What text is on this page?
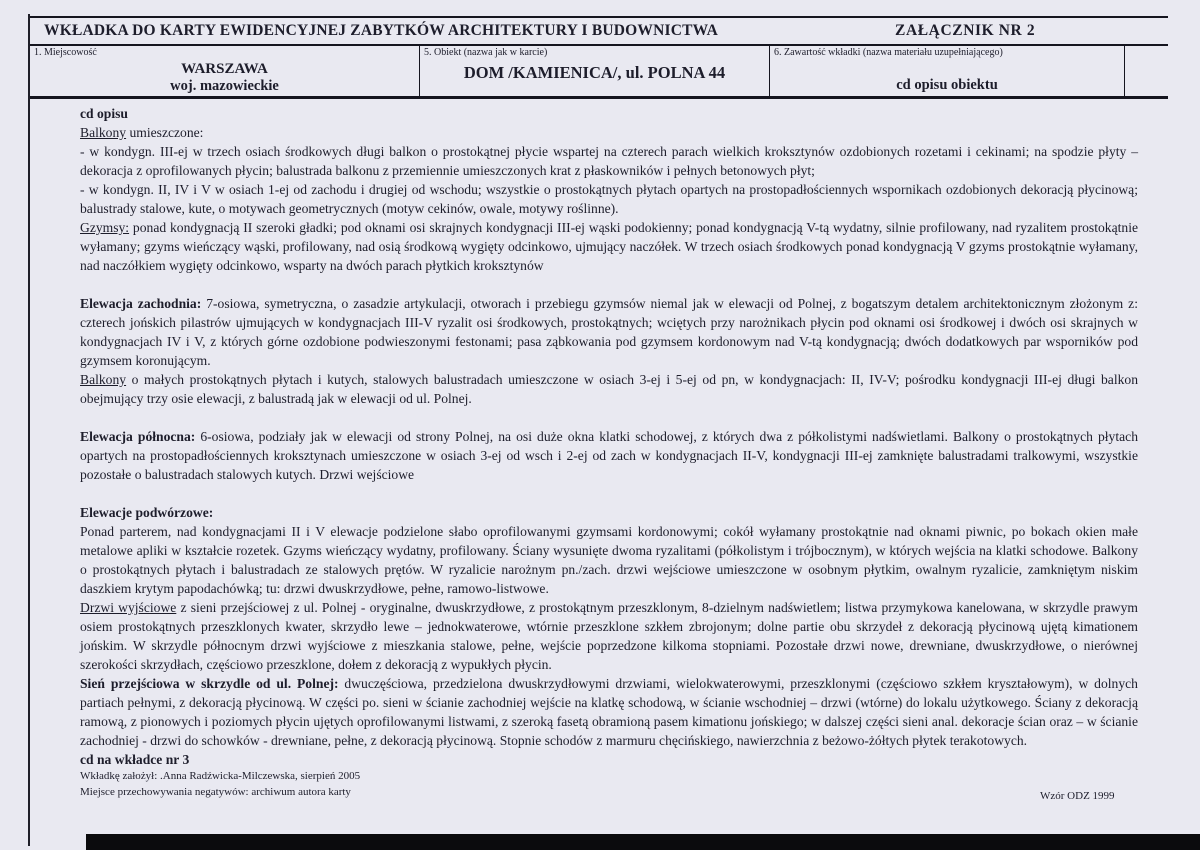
WKŁADKA DO KARTY EWIDENCYJNEJ ZABYTKÓW ARCHITEKTURY I BUDOWNICTWA	ZAŁĄCZNIK NR 2
1. Miejscowość
WARSZAWA
woj. mazowieckie
5. Obiekt (nazwa jak w karcie)
DOM /KAMIENICA/, ul. POLNA 44
6. Zawartość wkładki (nazwa materiału uzupełniającego)
cd opisu obiektu

cd opisu

Balkony umieszczone:

- w kondygn. III-ej w trzech osiach środkowych długi balkon o prostokątnej płycie wspartej na czterech parach wielkich kroksztynów ozdobionych rozetami i cekinami; na spodzie płyty – dekoracja z oprofilowanych płycin; balustrada balkonu z przemiennie umieszczonych krat z płaskowników i pełnych betonowych płyt;

- w kondygn. II, IV i V w osiach 1-ej od zachodu i drugiej od wschodu; wszystkie o prostokątnych płytach opartych na prostopadłościennych wspornikach ozdobionych dekoracją płycinową; balustrady stalowe, kute, o motywach geometrycznych (motyw cekinów, owale, motywy roślinne).

Gzymsy: ponad kondygnacją II szeroki gładki; pod oknami osi skrajnych kondygnacji III-ej wąski podokienny; ponad kondygnacją V-tą wydatny, silnie profilowany, nad ryzalitem prostokątnie wyłamany; gzyms wieńczący wąski, profilowany, nad osią środkową wygięty odcinkowo, ujmujący naczółek. W trzech osiach środkowych ponad kondygnacją V gzyms prostokątnie wyłamany, nad naczółkiem wygięty odcinkowo, wsparty na dwóch parach płytkich kroksztynów

Elewacja zachodnia: 7-osiowa, symetryczna, o zasadzie artykulacji, otworach i przebiegu gzymsów niemal jak w elewacji od Polnej, z bogatszym detalem architektonicznym złożonym z: czterech jońskich pilastrów ujmujących w kondygnacjach III-V ryzalit osi środkowych, prostokątnych; wciętych przy narożnikach płycin pod oknami osi środkowej i dwóch osi skrajnych w kondygnacjach IV i V, z których górne ozdobione podwieszonymi festonami; pasa ząbkowania pod gzymsem kordonowym nad V-tą kondygnacją; dwóch dodatkowych par wsporników pod gzymsem koronującym.

Balkony o małych prostokątnych płytach i kutych, stalowych balustradach umieszczone w osiach 3-ej i 5-ej od pn, w kondygnacjach: II, IV-V; pośrodku kondygnacji III-ej długi balkon obejmujący trzy osie elewacji, z balustradą jak w elewacji od ul. Polnej.

Elewacja północna: 6-osiowa, podziały jak w elewacji od strony Polnej, na osi duże okna klatki schodowej, z których dwa z półkolistymi nadświetlami. Balkony o prostokątnych płytach opartych na prostopadłościennych kroksztynach umieszczone w osiach 3-ej od wsch i 2-ej od zach w kondygnacjach II-V, kondygnacji III-ej zamknięte balustradami tralkowymi, wszystkie pozostałe o balustradach stalowych kutych. Drzwi wejściowe

Elewacje podwórzowe:

Ponad parterem, nad kondygnacjami II i V elewacje podzielone słabo oprofilowanymi gzymsami kordonowymi; cokół wyłamany prostokątnie nad oknami piwnic, po bokach okien małe metalowe apliki w kształcie rozetek. Gzyms wieńczący wydatny, profilowany. Ściany wysunięte dwoma ryzalitami (półkolistym i trójbocznym), w których wejścia na klatki schodowe. Balkony o prostokątnych płytach i balustradach ze stalowych prętów. W ryzalicie narożnym pn./zach. drzwi wejściowe umieszczone w osobnym płytkim, owalnym ryzalicie, zamkniętym niskim daszkiem krytym papodachówką; tu: drzwi dwuskrzydłowe, pełne, ramowo-listwowe.

Drzwi wyjściowe z sieni przejściowej z ul. Polnej - oryginalne, dwuskrzydłowe, z prostokątnym przeszklonym, 8-dzielnym nadświetlem; listwa przymykowa kanelowana, w skrzydle prawym osiem prostokątnych przeszklonych kwater, skrzydło lewe – jednokwaterowe, wtórnie przeszklone szkłem zbrojonym; dolne partie obu skrzydeł z dekoracją płycinową ujętą kimationem jońskim. W skrzydle północnym drzwi wyjściowe z mieszkania stalowe, pełne, wejście poprzedzone kilkoma stopniami. Pozostałe drzwi nowe, drewniane, dwuskrzydłowe, o nierównej szerokości skrzydłach, częściowo przeszklone, dołem z dekoracją z wypukłych płycin.

Sień przejściowa w skrzydle od ul. Polnej: dwuczęściowa, przedzielona dwuskrzydłowymi drzwiami, wielokwaterowymi, przeszklonymi (częściowo szkłem kryształowym), w dolnych partiach pełnymi, z dekoracją płycinową. W części po. sieni w ścianie zachodniej wejście na klatkę schodową, w ścianie wschodniej – drzwi (wtórne) do lokalu użytkowego. Ściany z dekoracją ramową, z pionowych i poziomych płycin ujętych oprofilowanymi listwami, z szeroką fasetą obramioną pasem kimationu jońskiego; w dalszej części sieni anal. dekoracje ścian oraz – w ścianie zachodniej - drzwi do schowków - drewniane, pełne, z dekoracją płycinową. Stopnie schodów z marmuru chęcińskiego, nawierzchnia z beżowo-żółtych płytek terakotowych.

cd na wkładce nr 3

Wkładkę założył: .Anna Radźwicka-Milczewska, sierpień 2005
Miejsce przechowywania negatywów: archiwum autora karty	Wzór ODZ 1999
